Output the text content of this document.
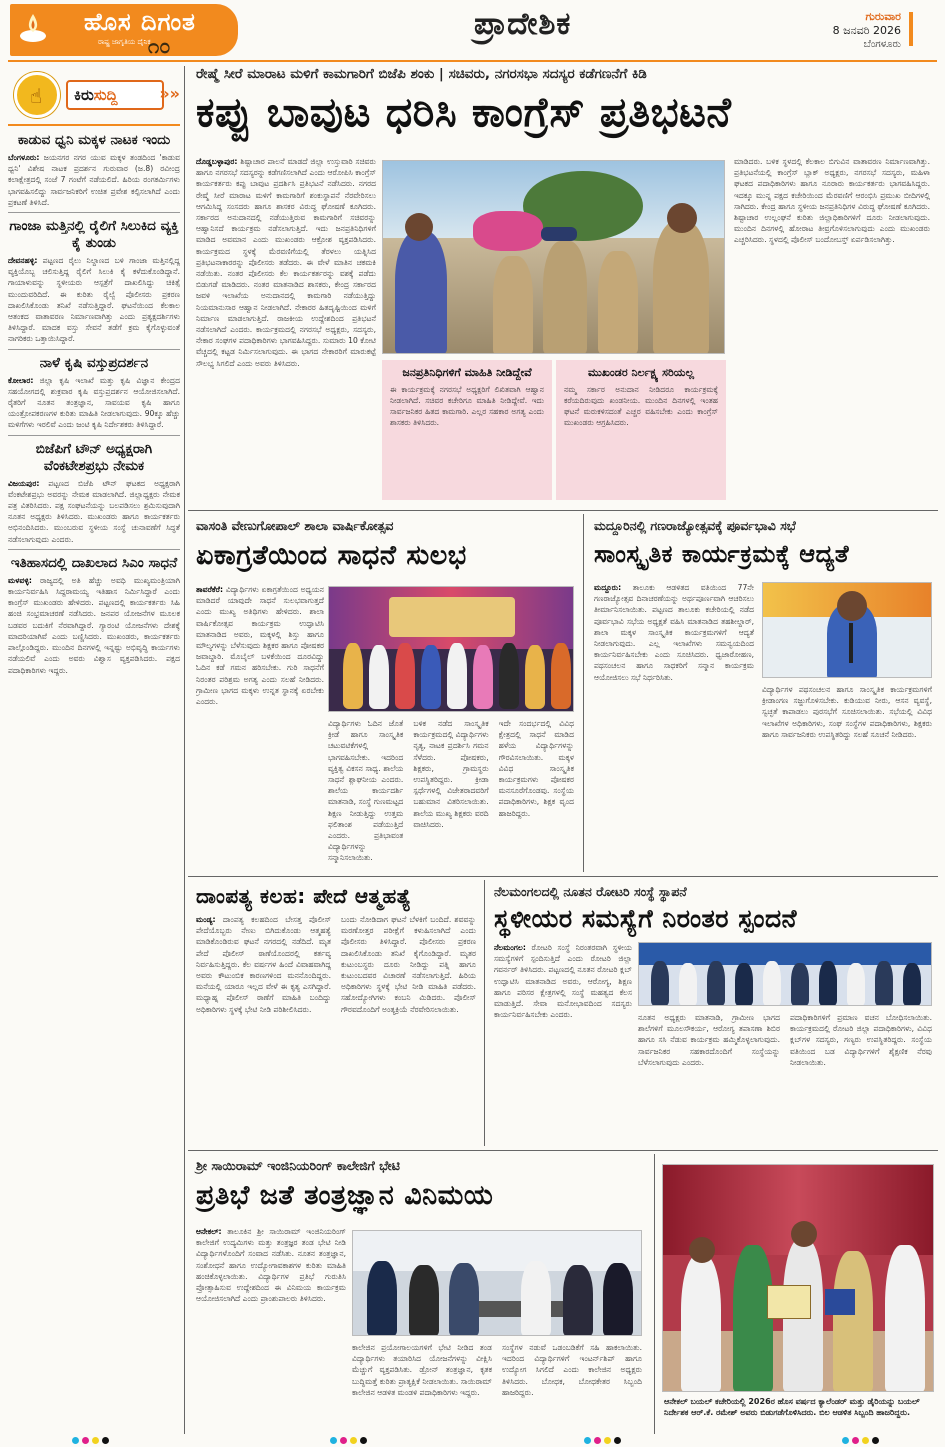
ಹೊಸ ದಿಗಂತ
ರಾಷ್ಟ್ರ ಜಾಗೃತಿಯ ದೈನಿಕ
೧೦
ಪ್ರಾದೇಶಿಕ	ಗುರುವಾರ
8 ಜನವರಿ 2026
ಬೆಂಗಳೂರು
☝	ಕಿರುಸುದ್ದಿ	»»
ಕಾಡುವ ಧ್ವನಿ ಮಕ್ಕಳ ನಾಟಕ ಇಂದು

ಬೆಂಗಳೂರು: ಜಯನಗರ ನಗರ ಯುವ ಮಕ್ಕಳ ತಂಡದಿಂದ 'ಕಾಡುವ ಧ್ವನಿ' ವಿಶೇಷ ನಾಟಕ ಪ್ರದರ್ಶನ ಗುರುವಾರ (ಜ.8) ರವೀಂದ್ರ ಕಲಾಕ್ಷೇತ್ರದಲ್ಲಿ ಸಂಜೆ 7 ಗಂಟೆಗೆ ನಡೆಯಲಿದೆ. ಹಿರಿಯ ರಂಗಕರ್ಮಿಗಳು ಭಾಗವಹಿಸಲಿದ್ದು ಸಾರ್ವಜನಿಕರಿಗೆ ಉಚಿತ ಪ್ರವೇಶ ಕಲ್ಪಿಸಲಾಗಿದೆ ಎಂದು ಪ್ರಕಟಣೆ ತಿಳಿಸಿದೆ.

ಗಾಂಜಾ ಮತ್ತಿನಲ್ಲಿ ರೈಲಿಗೆ ಸಿಲುಕಿದ ವ್ಯಕ್ತಿ ಕೈ ತುಂಡು

ದೇವನಹಳ್ಳಿ: ಪಟ್ಟಣದ ರೈಲು ನಿಲ್ದಾಣದ ಬಳಿ ಗಾಂಜಾ ಮತ್ತಿನಲ್ಲಿದ್ದ ವ್ಯಕ್ತಿಯೊಬ್ಬ ಚಲಿಸುತ್ತಿದ್ದ ರೈಲಿಗೆ ಸಿಲುಕಿ ಕೈ ಕಳೆದುಕೊಂಡಿದ್ದಾನೆ. ಗಾಯಾಳುವನ್ನು ಸ್ಥಳೀಯರು ಆಸ್ಪತ್ರೆಗೆ ದಾಖಲಿಸಿದ್ದು ಚಿಕಿತ್ಸೆ ಮುಂದುವರಿದಿದೆ. ಈ ಕುರಿತು ರೈಲ್ವೆ ಪೊಲೀಸರು ಪ್ರಕರಣ ದಾಖಲಿಸಿಕೊಂಡು ತನಿಖೆ ನಡೆಸುತ್ತಿದ್ದಾರೆ. ಘಟನೆಯಿಂದ ಕೆಲಕಾಲ ಆತಂಕದ ವಾತಾವರಣ ನಿರ್ಮಾಣವಾಗಿತ್ತು ಎಂದು ಪ್ರತ್ಯಕ್ಷದರ್ಶಿಗಳು ತಿಳಿಸಿದ್ದಾರೆ. ಮಾದಕ ವಸ್ತು ಸೇವನೆ ತಡೆಗೆ ಕ್ರಮ ಕೈಗೊಳ್ಳುವಂತೆ ನಾಗರಿಕರು ಒತ್ತಾಯಿಸಿದ್ದಾರೆ.

ನಾಳೆ ಕೃಷಿ ವಸ್ತುಪ್ರದರ್ಶನ

ಕೋಲಾರ: ಜಿಲ್ಲಾ ಕೃಷಿ ಇಲಾಖೆ ಮತ್ತು ಕೃಷಿ ವಿಜ್ಞಾನ ಕೇಂದ್ರದ ಸಹಯೋಗದಲ್ಲಿ ಶುಕ್ರವಾರ ಕೃಷಿ ವಸ್ತುಪ್ರದರ್ಶನ ಆಯೋಜಿಸಲಾಗಿದೆ. ರೈತರಿಗೆ ನೂತನ ತಂತ್ರಜ್ಞಾನ, ಸಾವಯವ ಕೃಷಿ ಹಾಗೂ ಯಂತ್ರೋಪಕರಣಗಳ ಕುರಿತು ಮಾಹಿತಿ ನೀಡಲಾಗುವುದು. 90ಕ್ಕೂ ಹೆಚ್ಚು ಮಳಿಗೆಗಳು ಇರಲಿವೆ ಎಂದು ಜಂಟಿ ಕೃಷಿ ನಿರ್ದೇಶಕರು ತಿಳಿಸಿದ್ದಾರೆ.

ಬಿಜೆಪಿಗೆ ಟೌನ್ ಅಧ್ಯಕ್ಷರಾಗಿ ವೆಂಕಟೇಶಪ್ರಭು ನೇಮಕ

ವಿಜಯಪುರ: ಪಟ್ಟಣದ ಬಿಜೆಪಿ ಟೌನ್ ಘಟಕದ ಅಧ್ಯಕ್ಷರಾಗಿ ವೆಂಕಟೇಶಪ್ರಭು ಅವರನ್ನು ನೇಮಕ ಮಾಡಲಾಗಿದೆ. ಜಿಲ್ಲಾಧ್ಯಕ್ಷರು ನೇಮಕ ಪತ್ರ ವಿತರಿಸಿದರು. ಪಕ್ಷ ಸಂಘಟನೆಯನ್ನು ಬಲಪಡಿಸಲು ಶ್ರಮಿಸುವುದಾಗಿ ನೂತನ ಅಧ್ಯಕ್ಷರು ತಿಳಿಸಿದರು. ಮುಖಂಡರು ಹಾಗೂ ಕಾರ್ಯಕರ್ತರು ಅಭಿನಂದಿಸಿದರು. ಮುಂಬರುವ ಸ್ಥಳೀಯ ಸಂಸ್ಥೆ ಚುನಾವಣೆಗೆ ಸಿದ್ಧತೆ ನಡೆಸಲಾಗುವುದು ಎಂದರು.

ಇತಿಹಾಸದಲ್ಲಿ ದಾಖಲಾದ ಸಿಎಂ ಸಾಧನೆ

ಮಳವಳ್ಳಿ: ರಾಜ್ಯದಲ್ಲಿ ಅತಿ ಹೆಚ್ಚು ಅವಧಿ ಮುಖ್ಯಮಂತ್ರಿಯಾಗಿ ಕಾರ್ಯನಿರ್ವಹಿಸಿ ಸಿದ್ದರಾಮಯ್ಯ ಇತಿಹಾಸ ನಿರ್ಮಿಸಿದ್ದಾರೆ ಎಂದು ಕಾಂಗ್ರೆಸ್ ಮುಖಂಡರು ಹೇಳಿದರು. ಪಟ್ಟಣದಲ್ಲಿ ಕಾರ್ಯಕರ್ತರು ಸಿಹಿ ಹಂಚಿ ಸಂಭ್ರಮಾಚರಣೆ ನಡೆಸಿದರು. ಜನಪರ ಯೋಜನೆಗಳ ಮೂಲಕ ಬಡವರ ಬದುಕಿಗೆ ನೆರವಾಗಿದ್ದಾರೆ. ಗ್ಯಾರಂಟಿ ಯೋಜನೆಗಳು ದೇಶಕ್ಕೆ ಮಾದರಿಯಾಗಿವೆ ಎಂದು ಬಣ್ಣಿಸಿದರು. ಮುಖಂಡರು, ಕಾರ್ಯಕರ್ತರು ಪಾಲ್ಗೊಂಡಿದ್ದರು. ಮುಂದಿನ ದಿನಗಳಲ್ಲಿ ಇನ್ನಷ್ಟು ಅಭಿವೃದ್ಧಿ ಕಾರ್ಯಗಳು ನಡೆಯಲಿವೆ ಎಂದು ಅವರು ವಿಶ್ವಾಸ ವ್ಯಕ್ತಪಡಿಸಿದರು. ಪಕ್ಷದ ಪದಾಧಿಕಾರಿಗಳು ಇದ್ದರು.

ರೇಷ್ಮೆ ಸೀರೆ ಮಾರಾಟ ಮಳಿಗೆ ಕಾಮಗಾರಿಗೆ ಬಿಜೆಪಿ ಶಂಕು | ಸಚಿವರು, ನಗರಸಭಾ ಸದಸ್ಯರ ಕಡೆಗಣನೆಗೆ ಕಿಡಿ
ಕಪ್ಪು ಬಾವುಟ ಧರಿಸಿ ಕಾಂಗ್ರೆಸ್ ಪ್ರತಿಭಟನೆ
ದೊಡ್ಡಬಳ್ಳಾಪುರ: ಶಿಷ್ಟಾಚಾರ ಪಾಲನೆ ಮಾಡದೆ ಜಿಲ್ಲಾ ಉಸ್ತುವಾರಿ ಸಚಿವರು ಹಾಗೂ ನಗರಸಭೆ ಸದಸ್ಯರನ್ನು ಕಡೆಗಣಿಸಲಾಗಿದೆ ಎಂದು ಆರೋಪಿಸಿ ಕಾಂಗ್ರೆಸ್ ಕಾರ್ಯಕರ್ತರು ಕಪ್ಪು ಬಾವುಟ ಪ್ರದರ್ಶಿಸಿ ಪ್ರತಿಭಟನೆ ನಡೆಸಿದರು. ನಗರದ ರೇಷ್ಮೆ ಸೀರೆ ಮಾರಾಟ ಮಳಿಗೆ ಕಾಮಗಾರಿಗೆ ಶಂಕುಸ್ಥಾಪನೆ ನೆರವೇರಿಸಲು ಆಗಮಿಸಿದ್ದ ಸಂಸದರು ಹಾಗೂ ಶಾಸಕರ ವಿರುದ್ಧ ಘೋಷಣೆ ಕೂಗಿದರು. ಸರ್ಕಾರದ ಅನುದಾನದಲ್ಲಿ ನಡೆಯುತ್ತಿರುವ ಕಾಮಗಾರಿಗೆ ಸಚಿವರನ್ನು ಆಹ್ವಾನಿಸದೆ ಕಾರ್ಯಕ್ರಮ ನಡೆಸಲಾಗುತ್ತಿದೆ. ಇದು ಜನಪ್ರತಿನಿಧಿಗಳಿಗೆ ಮಾಡಿದ ಅವಮಾನ ಎಂದು ಮುಖಂಡರು ಆಕ್ರೋಶ ವ್ಯಕ್ತಪಡಿಸಿದರು. ಕಾರ್ಯಕ್ರಮದ ಸ್ಥಳಕ್ಕೆ ಮೆರವಣಿಗೆಯಲ್ಲಿ ತೆರಳಲು ಯತ್ನಿಸಿದ ಪ್ರತಿಭಟನಾಕಾರರನ್ನು ಪೊಲೀಸರು ತಡೆದರು. ಈ ವೇಳೆ ಮಾತಿನ ಚಕಮಕಿ ನಡೆಯಿತು. ನಂತರ ಪೊಲೀಸರು ಕೆಲ ಕಾರ್ಯಕರ್ತರನ್ನು ವಶಕ್ಕೆ ಪಡೆದು ಬಿಡುಗಡೆ ಮಾಡಿದರು. ನಂತರ ಮಾತನಾಡಿದ ಶಾಸಕರು, ಕೇಂದ್ರ ಸರ್ಕಾರದ ಜವಳಿ ಇಲಾಖೆಯ ಅನುದಾನದಲ್ಲಿ ಕಾಮಗಾರಿ ನಡೆಯುತ್ತಿದ್ದು ನಿಯಮಾನುಸಾರ ಆಹ್ವಾನ ನೀಡಲಾಗಿದೆ. ನೇಕಾರರ ಹಿತದೃಷ್ಟಿಯಿಂದ ಮಳಿಗೆ ನಿರ್ಮಾಣ ಮಾಡಲಾಗುತ್ತಿದೆ. ರಾಜಕೀಯ ಉದ್ದೇಶದಿಂದ ಪ್ರತಿಭಟನೆ ನಡೆಸಲಾಗಿದೆ ಎಂದರು. ಕಾರ್ಯಕ್ರಮದಲ್ಲಿ ನಗರಸಭೆ ಅಧ್ಯಕ್ಷರು, ಸದಸ್ಯರು, ನೇಕಾರ ಸಂಘಗಳ ಪದಾಧಿಕಾರಿಗಳು ಭಾಗವಹಿಸಿದ್ದರು. ಸುಮಾರು 10 ಕೋಟಿ ವೆಚ್ಚದಲ್ಲಿ ಕಟ್ಟಡ ನಿರ್ಮಿಸಲಾಗುವುದು. ಈ ಭಾಗದ ನೇಕಾರರಿಗೆ ಮಾರುಕಟ್ಟೆ ಸೌಲಭ್ಯ ಸಿಗಲಿದೆ ಎಂದು ಅವರು ತಿಳಿಸಿದರು.
ಜನಪ್ರತಿನಿಧಿಗಳಿಗೆ ಮಾಹಿತಿ ನೀಡಿದ್ದೇವೆ

ಈ ಕಾರ್ಯಕ್ರಮಕ್ಕೆ ನಗರಸಭೆ ಅಧ್ಯಕ್ಷರಿಗೆ ಲಿಖಿತವಾಗಿ ಆಹ್ವಾನ ನೀಡಲಾಗಿದೆ. ಸಚಿವರ ಕಚೇರಿಗೂ ಮಾಹಿತಿ ನೀಡಿದ್ದೇವೆ. ಇದು ಸಾರ್ವಜನಿಕರ ಹಿತದ ಕಾಮಗಾರಿ. ಎಲ್ಲರ ಸಹಕಾರ ಅಗತ್ಯ ಎಂದು ಶಾಸಕರು ತಿಳಿಸಿದರು.

ಮುಖಂಡರ ನಿರ್ಲಕ್ಷ್ಯ ಸರಿಯಲ್ಲ

ನಮ್ಮ ಸರ್ಕಾರ ಅನುದಾನ ನೀಡಿದರೂ ಕಾರ್ಯಕ್ರಮಕ್ಕೆ ಕರೆಯದಿರುವುದು ಖಂಡನೀಯ. ಮುಂದಿನ ದಿನಗಳಲ್ಲಿ ಇಂತಹ ಘಟನೆ ಮರುಕಳಿಸದಂತೆ ಎಚ್ಚರ ವಹಿಸಬೇಕು ಎಂದು ಕಾಂಗ್ರೆಸ್ ಮುಖಂಡರು ಆಗ್ರಹಿಸಿದರು.

ಮಾಡಿದರು. ಬಳಿಕ ಸ್ಥಳದಲ್ಲಿ ಕೆಲಕಾಲ ಬಿಗುವಿನ ವಾತಾವರಣ ನಿರ್ಮಾಣವಾಗಿತ್ತು. ಪ್ರತಿಭಟನೆಯಲ್ಲಿ ಕಾಂಗ್ರೆಸ್ ಬ್ಲಾಕ್ ಅಧ್ಯಕ್ಷರು, ನಗರಸಭೆ ಸದಸ್ಯರು, ಮಹಿಳಾ ಘಟಕದ ಪದಾಧಿಕಾರಿಗಳು ಹಾಗೂ ನೂರಾರು ಕಾರ್ಯಕರ್ತರು ಭಾಗವಹಿಸಿದ್ದರು. ಇದಕ್ಕೂ ಮುನ್ನ ಪಕ್ಷದ ಕಚೇರಿಯಿಂದ ಮೆರವಣಿಗೆ ಆರಂಭಿಸಿ ಪ್ರಮುಖ ಬೀದಿಗಳಲ್ಲಿ ಸಾಗಿದರು. ಕೇಂದ್ರ ಹಾಗೂ ಸ್ಥಳೀಯ ಜನಪ್ರತಿನಿಧಿಗಳ ವಿರುದ್ಧ ಘೋಷಣೆ ಕೂಗಿದರು. ಶಿಷ್ಟಾಚಾರ ಉಲ್ಲಂಘನೆ ಕುರಿತು ಜಿಲ್ಲಾಧಿಕಾರಿಗಳಿಗೆ ದೂರು ನೀಡಲಾಗುವುದು. ಮುಂದಿನ ದಿನಗಳಲ್ಲಿ ಹೋರಾಟ ತೀವ್ರಗೊಳಿಸಲಾಗುವುದು ಎಂದು ಮುಖಂಡರು ಎಚ್ಚರಿಸಿದರು. ಸ್ಥಳದಲ್ಲಿ ಪೊಲೀಸ್ ಬಂದೋಬಸ್ತ್ ಏರ್ಪಡಿಸಲಾಗಿತ್ತು.
ವಾಸಂತಿ ವೇಣುಗೋಪಾಲ್ ಶಾಲಾ ವಾರ್ಷಿಕೋತ್ಸವ
ಏಕಾಗ್ರತೆಯಿಂದ ಸಾಧನೆ ಸುಲಭ
ತಾವರೆಕೆರೆ: ವಿದ್ಯಾರ್ಥಿಗಳು ಏಕಾಗ್ರತೆಯಿಂದ ಅಧ್ಯಯನ ಮಾಡಿದರೆ ಯಾವುದೇ ಸಾಧನೆ ಸುಲಭವಾಗುತ್ತದೆ ಎಂದು ಮುಖ್ಯ ಅತಿಥಿಗಳು ಹೇಳಿದರು. ಶಾಲಾ ವಾರ್ಷಿಕೋತ್ಸವ ಕಾರ್ಯಕ್ರಮ ಉದ್ಘಾಟಿಸಿ ಮಾತನಾಡಿದ ಅವರು, ಮಕ್ಕಳಲ್ಲಿ ಶಿಸ್ತು ಹಾಗೂ ಮೌಲ್ಯಗಳನ್ನು ಬೆಳೆಸುವುದು ಶಿಕ್ಷಕರ ಹಾಗೂ ಪೋಷಕರ ಜವಾಬ್ದಾರಿ. ಮೊಬೈಲ್ ಬಳಕೆಯಿಂದ ದೂರವಿದ್ದು ಓದಿನ ಕಡೆ ಗಮನ ಹರಿಸಬೇಕು. ಗುರಿ ಸಾಧನೆಗೆ ನಿರಂತರ ಪರಿಶ್ರಮ ಅಗತ್ಯ ಎಂದು ಸಲಹೆ ನೀಡಿದರು. ಗ್ರಾಮೀಣ ಭಾಗದ ಮಕ್ಕಳು ಉನ್ನತ ಸ್ಥಾನಕ್ಕೆ ಏರಬೇಕು ಎಂದರು.
ವಿದ್ಯಾರ್ಥಿಗಳು ಓದಿನ ಜೊತೆ ಕ್ರೀಡೆ ಹಾಗೂ ಸಾಂಸ್ಕೃತಿಕ ಚಟುವಟಿಕೆಗಳಲ್ಲಿ ಭಾಗವಹಿಸಬೇಕು. ಇದರಿಂದ ವ್ಯಕ್ತಿತ್ವ ವಿಕಸನ ಸಾಧ್ಯ. ಶಾಲೆಯ ಸಾಧನೆ ಶ್ಲಾಘನೀಯ ಎಂದರು. ಶಾಲೆಯ ಕಾರ್ಯದರ್ಶಿ ಮಾತನಾಡಿ, ಸಂಸ್ಥೆ ಗುಣಮಟ್ಟದ ಶಿಕ್ಷಣ ನೀಡುತ್ತಿದ್ದು ಉತ್ತಮ ಫಲಿತಾಂಶ ಪಡೆಯುತ್ತಿದೆ ಎಂದರು. ಪ್ರತಿಭಾವಂತ ವಿದ್ಯಾರ್ಥಿಗಳನ್ನು ಸನ್ಮಾನಿಸಲಾಯಿತು.
ಬಳಿಕ ನಡೆದ ಸಾಂಸ್ಕೃತಿಕ ಕಾರ್ಯಕ್ರಮದಲ್ಲಿ ವಿದ್ಯಾರ್ಥಿಗಳು ನೃತ್ಯ, ನಾಟಕ ಪ್ರದರ್ಶಿಸಿ ಗಮನ ಸೆಳೆದರು. ಪೋಷಕರು, ಶಿಕ್ಷಕರು, ಗ್ರಾಮಸ್ಥರು ಉಪಸ್ಥಿತರಿದ್ದರು. ಕ್ರೀಡಾ ಸ್ಪರ್ಧೆಗಳಲ್ಲಿ ವಿಜೇತರಾದವರಿಗೆ ಬಹುಮಾನ ವಿತರಿಸಲಾಯಿತು. ಶಾಲೆಯ ಮುಖ್ಯ ಶಿಕ್ಷಕರು ವರದಿ ವಾಚಿಸಿದರು.
ಇದೇ ಸಂದರ್ಭದಲ್ಲಿ ವಿವಿಧ ಕ್ಷೇತ್ರದಲ್ಲಿ ಸಾಧನೆ ಮಾಡಿದ ಹಳೆಯ ವಿದ್ಯಾರ್ಥಿಗಳನ್ನು ಗೌರವಿಸಲಾಯಿತು. ಮಕ್ಕಳ ವಿವಿಧ ಸಾಂಸ್ಕೃತಿಕ ಕಾರ್ಯಕ್ರಮಗಳು ಪೋಷಕರ ಮನಸೂರೆಗೊಂಡವು. ಸಂಸ್ಥೆಯ ಪದಾಧಿಕಾರಿಗಳು, ಶಿಕ್ಷಕ ವೃಂದ ಹಾಜರಿದ್ದರು.
ಮದ್ದೂರಿನಲ್ಲಿ ಗಣರಾಜ್ಯೋತ್ಸವಕ್ಕೆ ಪೂರ್ವಭಾವಿ ಸಭೆ
ಸಾಂಸ್ಕೃತಿಕ ಕಾರ್ಯಕ್ರಮಕ್ಕೆ ಆದ್ಯತೆ
ಮದ್ದೂರು: ತಾಲೂಕು ಆಡಳಿತದ ವತಿಯಿಂದ 77ನೇ ಗಣರಾಜ್ಯೋತ್ಸವ ದಿನಾಚರಣೆಯನ್ನು ಅರ್ಥಪೂರ್ಣವಾಗಿ ಆಚರಿಸಲು ತೀರ್ಮಾನಿಸಲಾಯಿತು. ಪಟ್ಟಣದ ತಾಲೂಕು ಕಚೇರಿಯಲ್ಲಿ ನಡೆದ ಪೂರ್ವಭಾವಿ ಸಭೆಯ ಅಧ್ಯಕ್ಷತೆ ವಹಿಸಿ ಮಾತನಾಡಿದ ತಹಶೀಲ್ದಾರ್, ಶಾಲಾ ಮಕ್ಕಳ ಸಾಂಸ್ಕೃತಿಕ ಕಾರ್ಯಕ್ರಮಗಳಿಗೆ ಆದ್ಯತೆ ನೀಡಲಾಗುವುದು. ಎಲ್ಲ ಇಲಾಖೆಗಳು ಸಮನ್ವಯದಿಂದ ಕಾರ್ಯನಿರ್ವಹಿಸಬೇಕು ಎಂದು ಸೂಚಿಸಿದರು. ಧ್ವಜಾರೋಹಣ, ಪಥಸಂಚಲನ ಹಾಗೂ ಸಾಧಕರಿಗೆ ಸನ್ಮಾನ ಕಾರ್ಯಕ್ರಮ ಆಯೋಜಿಸಲು ಸಭೆ ನಿರ್ಧರಿಸಿತು.
ವಿದ್ಯಾರ್ಥಿಗಳ ಪಥಸಂಚಲನ ಹಾಗೂ ಸಾಂಸ್ಕೃತಿಕ ಕಾರ್ಯಕ್ರಮಗಳಿಗೆ ಕ್ರೀಡಾಂಗಣ ಸಜ್ಜುಗೊಳಿಸಬೇಕು. ಕುಡಿಯುವ ನೀರು, ಆಸನ ವ್ಯವಸ್ಥೆ, ಸ್ವಚ್ಛತೆ ಕಾಪಾಡಲು ಪುರಸಭೆಗೆ ಸೂಚಿಸಲಾಯಿತು. ಸಭೆಯಲ್ಲಿ ವಿವಿಧ ಇಲಾಖೆಗಳ ಅಧಿಕಾರಿಗಳು, ಸಂಘ ಸಂಸ್ಥೆಗಳ ಪದಾಧಿಕಾರಿಗಳು, ಶಿಕ್ಷಕರು ಹಾಗೂ ಸಾರ್ವಜನಿಕರು ಉಪಸ್ಥಿತರಿದ್ದು ಸಲಹೆ ಸೂಚನೆ ನೀಡಿದರು.
ದಾಂಪತ್ಯ ಕಲಹ: ಪೇದೆ ಆತ್ಮಹತ್ಯೆ
ಮಂಡ್ಯ: ದಾಂಪತ್ಯ ಕಲಹದಿಂದ ಬೇಸತ್ತ ಪೊಲೀಸ್ ಪೇದೆಯೊಬ್ಬರು ನೇಣು ಬಿಗಿದುಕೊಂಡು ಆತ್ಮಹತ್ಯೆ ಮಾಡಿಕೊಂಡಿರುವ ಘಟನೆ ನಗರದಲ್ಲಿ ನಡೆದಿದೆ. ಮೃತ ಪೇದೆ ಪೊಲೀಸ್ ಠಾಣೆಯೊಂದರಲ್ಲಿ ಕರ್ತವ್ಯ ನಿರ್ವಹಿಸುತ್ತಿದ್ದರು. ಕೆಲ ವರ್ಷಗಳ ಹಿಂದೆ ವಿವಾಹವಾಗಿದ್ದ ಅವರು ಕೌಟುಂಬಿಕ ಕಾರಣಗಳಿಂದ ಮನನೊಂದಿದ್ದರು. ಮನೆಯಲ್ಲಿ ಯಾರೂ ಇಲ್ಲದ ವೇಳೆ ಈ ಕೃತ್ಯ ಎಸಗಿದ್ದಾರೆ. ಮಧ್ಯಾಹ್ನ ಪೊಲೀಸ್ ಠಾಣೆಗೆ ಮಾಹಿತಿ ಬಂದಿದ್ದು ಅಧಿಕಾರಿಗಳು ಸ್ಥಳಕ್ಕೆ ಭೇಟಿ ನೀಡಿ ಪರಿಶೀಲಿಸಿದರು.
ಬಂದು ನೋಡಿದಾಗ ಘಟನೆ ಬೆಳಕಿಗೆ ಬಂದಿದೆ. ಶವವನ್ನು ಮರಣೋತ್ತರ ಪರೀಕ್ಷೆಗೆ ಕಳುಹಿಸಲಾಗಿದೆ ಎಂದು ಪೊಲೀಸರು ತಿಳಿಸಿದ್ದಾರೆ. ಪೊಲೀಸರು ಪ್ರಕರಣ ದಾಖಲಿಸಿಕೊಂಡು ತನಿಖೆ ಕೈಗೊಂಡಿದ್ದಾರೆ. ಮೃತರ ಕುಟುಂಬಸ್ಥರು ದೂರು ನೀಡಿದ್ದು ಪತ್ನಿ ಹಾಗೂ ಕುಟುಂಬದವರ ವಿಚಾರಣೆ ನಡೆಸಲಾಗುತ್ತಿದೆ. ಹಿರಿಯ ಅಧಿಕಾರಿಗಳು ಸ್ಥಳಕ್ಕೆ ಭೇಟಿ ನೀಡಿ ಮಾಹಿತಿ ಪಡೆದರು. ಸಹೋದ್ಯೋಗಿಗಳು ಕಂಬನಿ ಮಿಡಿದರು. ಪೊಲೀಸ್ ಗೌರವದೊಂದಿಗೆ ಅಂತ್ಯಕ್ರಿಯೆ ನೆರವೇರಿಸಲಾಯಿತು.
ನೆಲಮಂಗಲದಲ್ಲಿ ನೂತನ ರೋಟರಿ ಸಂಸ್ಥೆ ಸ್ಥಾಪನೆ
ಸ್ಥಳೀಯರ ಸಮಸ್ಯೆಗೆ ನಿರಂತರ ಸ್ಪಂದನೆ
ನೆಲಮಂಗಲ: ರೋಟರಿ ಸಂಸ್ಥೆ ನಿರಂತರವಾಗಿ ಸ್ಥಳೀಯ ಸಮಸ್ಯೆಗಳಿಗೆ ಸ್ಪಂದಿಸುತ್ತಿದೆ ಎಂದು ರೋಟರಿ ಜಿಲ್ಲಾ ಗವರ್ನರ್ ತಿಳಿಸಿದರು. ಪಟ್ಟಣದಲ್ಲಿ ನೂತನ ರೋಟರಿ ಕ್ಲಬ್ ಉದ್ಘಾಟಿಸಿ ಮಾತನಾಡಿದ ಅವರು, ಆರೋಗ್ಯ, ಶಿಕ್ಷಣ ಹಾಗೂ ಪರಿಸರ ಕ್ಷೇತ್ರಗಳಲ್ಲಿ ಸಂಸ್ಥೆ ಮಹತ್ವದ ಕೆಲಸ ಮಾಡುತ್ತಿದೆ. ಸೇವಾ ಮನೋಭಾವದಿಂದ ಸದಸ್ಯರು ಕಾರ್ಯನಿರ್ವಹಿಸಬೇಕು ಎಂದರು.	ನೂತನ ಅಧ್ಯಕ್ಷರು ಮಾತನಾಡಿ, ಗ್ರಾಮೀಣ ಭಾಗದ ಶಾಲೆಗಳಿಗೆ ಮೂಲಸೌಕರ್ಯ, ಆರೋಗ್ಯ ತಪಾಸಣಾ ಶಿಬಿರ ಹಾಗೂ ಸಸಿ ನೆಡುವ ಕಾರ್ಯಕ್ರಮ ಹಮ್ಮಿಕೊಳ್ಳಲಾಗುವುದು. ಸಾರ್ವಜನಿಕರ ಸಹಕಾರದೊಂದಿಗೆ ಸಂಸ್ಥೆಯನ್ನು ಬೆಳೆಸಲಾಗುವುದು ಎಂದರು.
ಪದಾಧಿಕಾರಿಗಳಿಗೆ ಪ್ರಮಾಣ ವಚನ ಬೋಧಿಸಲಾಯಿತು. ಕಾರ್ಯಕ್ರಮದಲ್ಲಿ ರೋಟರಿ ಜಿಲ್ಲಾ ಪದಾಧಿಕಾರಿಗಳು, ವಿವಿಧ ಕ್ಲಬ್‌ಗಳ ಸದಸ್ಯರು, ಗಣ್ಯರು ಉಪಸ್ಥಿತರಿದ್ದರು. ಸಂಸ್ಥೆಯ ವತಿಯಿಂದ ಬಡ ವಿದ್ಯಾರ್ಥಿಗಳಿಗೆ ಶೈಕ್ಷಣಿಕ ನೆರವು ನೀಡಲಾಯಿತು.
ಶ್ರೀ ಸಾಯಿರಾಮ್ ಇಂಜಿನಿಯರಿಂಗ್ ಕಾಲೇಜಿಗೆ ಭೇಟಿ
ಪ್ರತಿಭೆ ಜತೆ ತಂತ್ರಜ್ಞಾನ ವಿನಿಮಯ
ಆನೇಕಲ್: ತಾಲೂಕಿನ ಶ್ರೀ ಸಾಯಿರಾಮ್ ಇಂಜಿನಿಯರಿಂಗ್ ಕಾಲೇಜಿಗೆ ಉದ್ಯಮಿಗಳು ಮತ್ತು ತಂತ್ರಜ್ಞರ ತಂಡ ಭೇಟಿ ನೀಡಿ ವಿದ್ಯಾರ್ಥಿಗಳೊಂದಿಗೆ ಸಂವಾದ ನಡೆಸಿತು. ನೂತನ ತಂತ್ರಜ್ಞಾನ, ಸಂಶೋಧನೆ ಹಾಗೂ ಉದ್ಯೋಗಾವಕಾಶಗಳ ಕುರಿತು ಮಾಹಿತಿ ಹಂಚಿಕೊಳ್ಳಲಾಯಿತು. ವಿದ್ಯಾರ್ಥಿಗಳ ಪ್ರತಿಭೆ ಗುರುತಿಸಿ ಪ್ರೋತ್ಸಾಹಿಸುವ ಉದ್ದೇಶದಿಂದ ಈ ವಿನಿಮಯ ಕಾರ್ಯಕ್ರಮ ಆಯೋಜಿಸಲಾಗಿದೆ ಎಂದು ಪ್ರಾಂಶುಪಾಲರು ತಿಳಿಸಿದರು.
ಕಾಲೇಜಿನ ಪ್ರಯೋಗಾಲಯಗಳಿಗೆ ಭೇಟಿ ನೀಡಿದ ತಂಡ ವಿದ್ಯಾರ್ಥಿಗಳು ತಯಾರಿಸಿದ ಯೋಜನೆಗಳನ್ನು ವೀಕ್ಷಿಸಿ ಮೆಚ್ಚುಗೆ ವ್ಯಕ್ತಪಡಿಸಿತು. ಡ್ರೋನ್ ತಂತ್ರಜ್ಞಾನ, ಕೃತಕ ಬುದ್ಧಿಮತ್ತೆ ಕುರಿತು ಪ್ರಾತ್ಯಕ್ಷಿಕೆ ನೀಡಲಾಯಿತು. ಸಾಯಿರಾಮ್ ಕಾಲೇಜಿನ ಆಡಳಿತ ಮಂಡಳಿ ಪದಾಧಿಕಾರಿಗಳು ಇದ್ದರು.
ಸಂಸ್ಥೆಗಳ ನಡುವೆ ಒಡಂಬಡಿಕೆಗೆ ಸಹಿ ಹಾಕಲಾಯಿತು. ಇದರಿಂದ ವಿದ್ಯಾರ್ಥಿಗಳಿಗೆ ಇಂಟರ್ನ್‌ಶಿಪ್ ಹಾಗೂ ಉದ್ಯೋಗ ಸಿಗಲಿದೆ ಎಂದು ಕಾಲೇಜಿನ ಅಧ್ಯಕ್ಷರು ತಿಳಿಸಿದರು. ಬೋಧಕ, ಬೋಧಕೇತರ ಸಿಬ್ಬಂದಿ ಹಾಜರಿದ್ದರು.
ಆನೇಕಲ್ ಬಯಲ್ ಕಚೇರಿಯಲ್ಲಿ 2026ರ ಹೊಸ ವರ್ಷದ ಕ್ಯಾಲೆಂಡರ್ ಮತ್ತು ಡೈರಿಯನ್ನು ಬಯಲ್ ನಿರ್ದೇಶಕ ಆರ್.ಕೆ. ರಮೇಶ್ ಅವರು ಬಿಡುಗಡೆಗೊಳಿಸಿದರು. ಬಿಲ ಆಡಳಿತ ಸಿಬ್ಬಂದಿ ಹಾಜರಿದ್ದರು.
